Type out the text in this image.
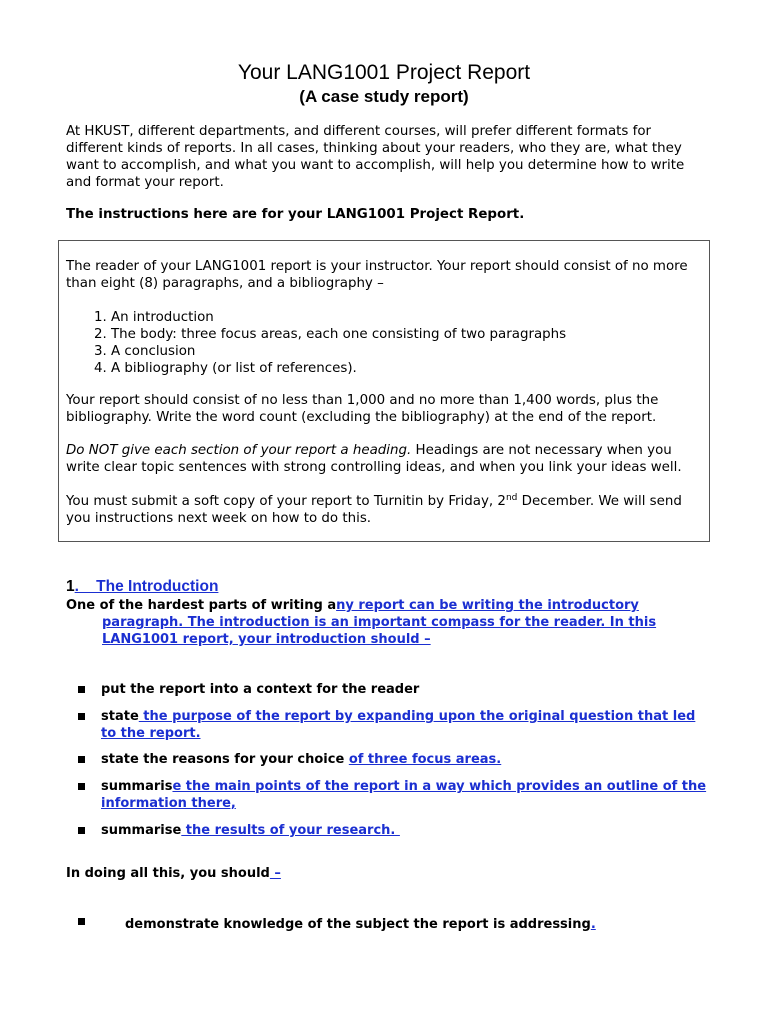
Your LANG1001 Project Report
(A case study report)

At HKUST, different departments, and different courses, will prefer different formats for different kinds of reports. In all cases, thinking about your readers, who they are, what they want to accomplish, and what you want to accomplish, will help you determine how to write and format your report.

The instructions here are for your LANG1001 Project Report.

The reader of your LANG1001 report is your instructor. Your report should consist of no more than eight (8) paragraphs, and a bibliography –

1. An introduction
2. The body: three focus areas, each one consisting of two paragraphs
3. A conclusion
4. A bibliography (or list of references).

Your report should consist of no less than 1,000 and no more than 1,400 words, plus the bibliography. Write the word count (excluding the bibliography) at the end of the report.

Do NOT give each section of your report a heading. Headings are not necessary when you write clear topic sentences with strong controlling ideas, and when you link your ideas well.

You must submit a soft copy of your report to Turnitin by Friday, 2nd December. We will send you instructions next week on how to do this.

1.    The Introduction
One of the hardest parts of writing any report can be writing the introductory
paragraph. The introduction is an important compass for the reader. In this
LANG1001 report, your introduction should –
put the report into a context for the reader
state the purpose of the report by expanding upon the original question that led
to the report.
state the reasons for your choice of three focus areas.
summarise the main points of the report in a way which provides an outline of the
information there,
summarise the results of your research.
In doing all this, you should –
demonstrate knowledge of the subject the report is addressing.
